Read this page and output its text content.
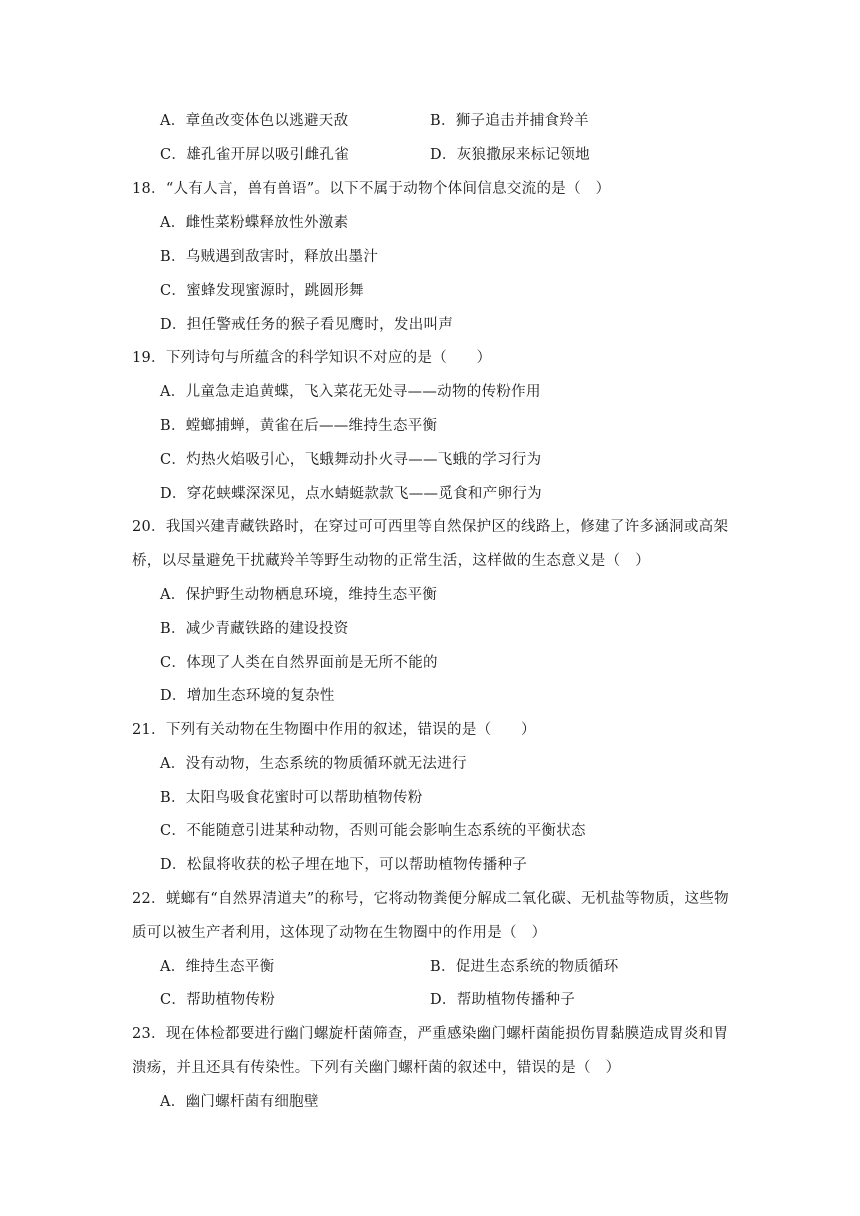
A．章鱼改变体色以逃避天敌	B．狮子追击并捕食羚羊
C．雄孔雀开屏以吸引雌孔雀	D．灰狼撒尿来标记领地
18．“人有人言，兽有兽语”。以下不属于动物个体间信息交流的是（　）
A．雌性菜粉蝶释放性外激素
B．乌贼遇到敌害时，释放出墨汁
C．蜜蜂发现蜜源时，跳圆形舞
D．担任警戒任务的猴子看见鹰时，发出叫声
19．下列诗句与所蕴含的科学知识不对应的是（　　）
A．儿童急走追黄蝶，飞入菜花无处寻——动物的传粉作用
B．螳螂捕蝉，黄雀在后——维持生态平衡
C．灼热火焰吸引心，飞蛾舞动扑火寻——飞蛾的学习行为
D．穿花蛱蝶深深见，点水蜻蜓款款飞——觅食和产卵行为
20．我国兴建青藏铁路时，在穿过可可西里等自然保护区的线路上，修建了许多涵洞或高架
桥，以尽量避免干扰藏羚羊等野生动物的正常生活，这样做的生态意义是（　）
A．保护野生动物栖息环境，维持生态平衡
B．减少青藏铁路的建设投资
C．体现了人类在自然界面前是无所不能的
D．增加生态环境的复杂性
21．下列有关动物在生物圈中作用的叙述，错误的是（　　）
A．没有动物，生态系统的物质循环就无法进行
B．太阳鸟吸食花蜜时可以帮助植物传粉
C．不能随意引进某种动物，否则可能会影响生态系统的平衡状态
D．松鼠将收获的松子埋在地下，可以帮助植物传播种子
22．蜣螂有“自然界清道夫”的称号，它将动物粪便分解成二氧化碳、无机盐等物质，这些物
质可以被生产者利用，这体现了动物在生物圈中的作用是（　）
A．维持生态平衡	B．促进生态系统的物质循环
C．帮助植物传粉	D．帮助植物传播种子
23．现在体检都要进行幽门螺旋杆菌筛查，严重感染幽门螺杆菌能损伤胃黏膜造成胃炎和胃
溃疡，并且还具有传染性。下列有关幽门螺杆菌的叙述中，错误的是（　）
A．幽门螺杆菌有细胞壁
